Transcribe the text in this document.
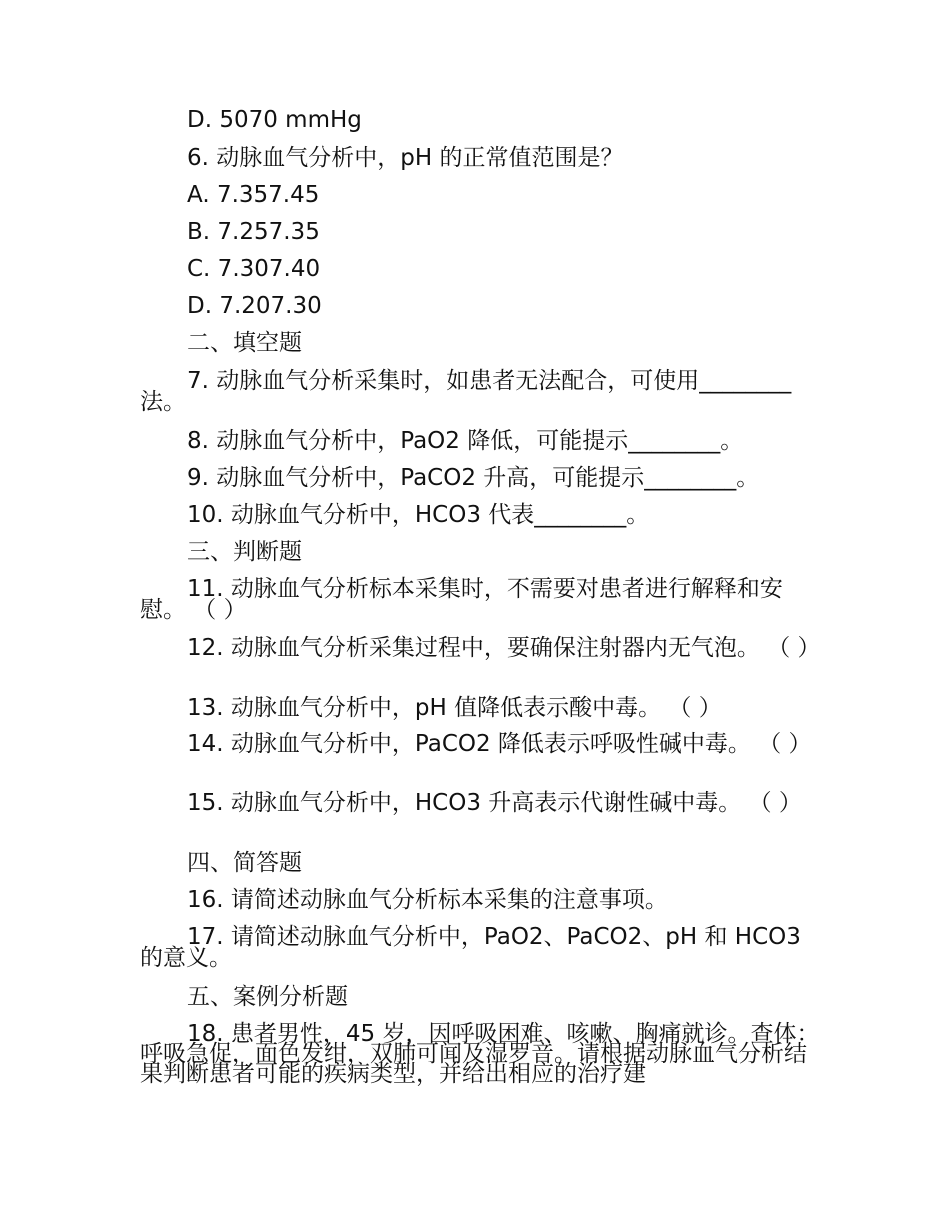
D. 5070 mmHg
6. 动脉血气分析中，pH 的正常值范围是？
A. 7.357.45
B. 7.257.35
C. 7.307.40
D. 7.207.30
二、填空题
7. 动脉血气分析采集时，如患者无法配合，可使用________法。
8. 动脉血气分析中，PaO2 降低，可能提示________。
9. 动脉血气分析中，PaCO2 升高，可能提示________。
10. 动脉血气分析中，HCO3 代表________。
三、判断题
11. 动脉血气分析标本采集时，不需要对患者进行解释和安慰。 （ ）
12. 动脉血气分析采集过程中，要确保注射器内无气泡。 （ ）
13. 动脉血气分析中，pH 值降低表示酸中毒。 （ ）
14. 动脉血气分析中，PaCO2 降低表示呼吸性碱中毒。 （ ）
15. 动脉血气分析中，HCO3 升高表示代谢性碱中毒。 （ ）
四、简答题
16. 请简述动脉血气分析标本采集的注意事项。
17. 请简述动脉血气分析中，PaO2、PaCO2、pH 和 HCO3 的意义。
五、案例分析题
18. 患者男性，45 岁，因呼吸困难、咳嗽、胸痛就诊。查体：呼吸急促，面色发绀，双肺可闻及湿罗音。请根据动脉血气分析结果判断患者可能的疾病类型，并给出相应的治疗建
